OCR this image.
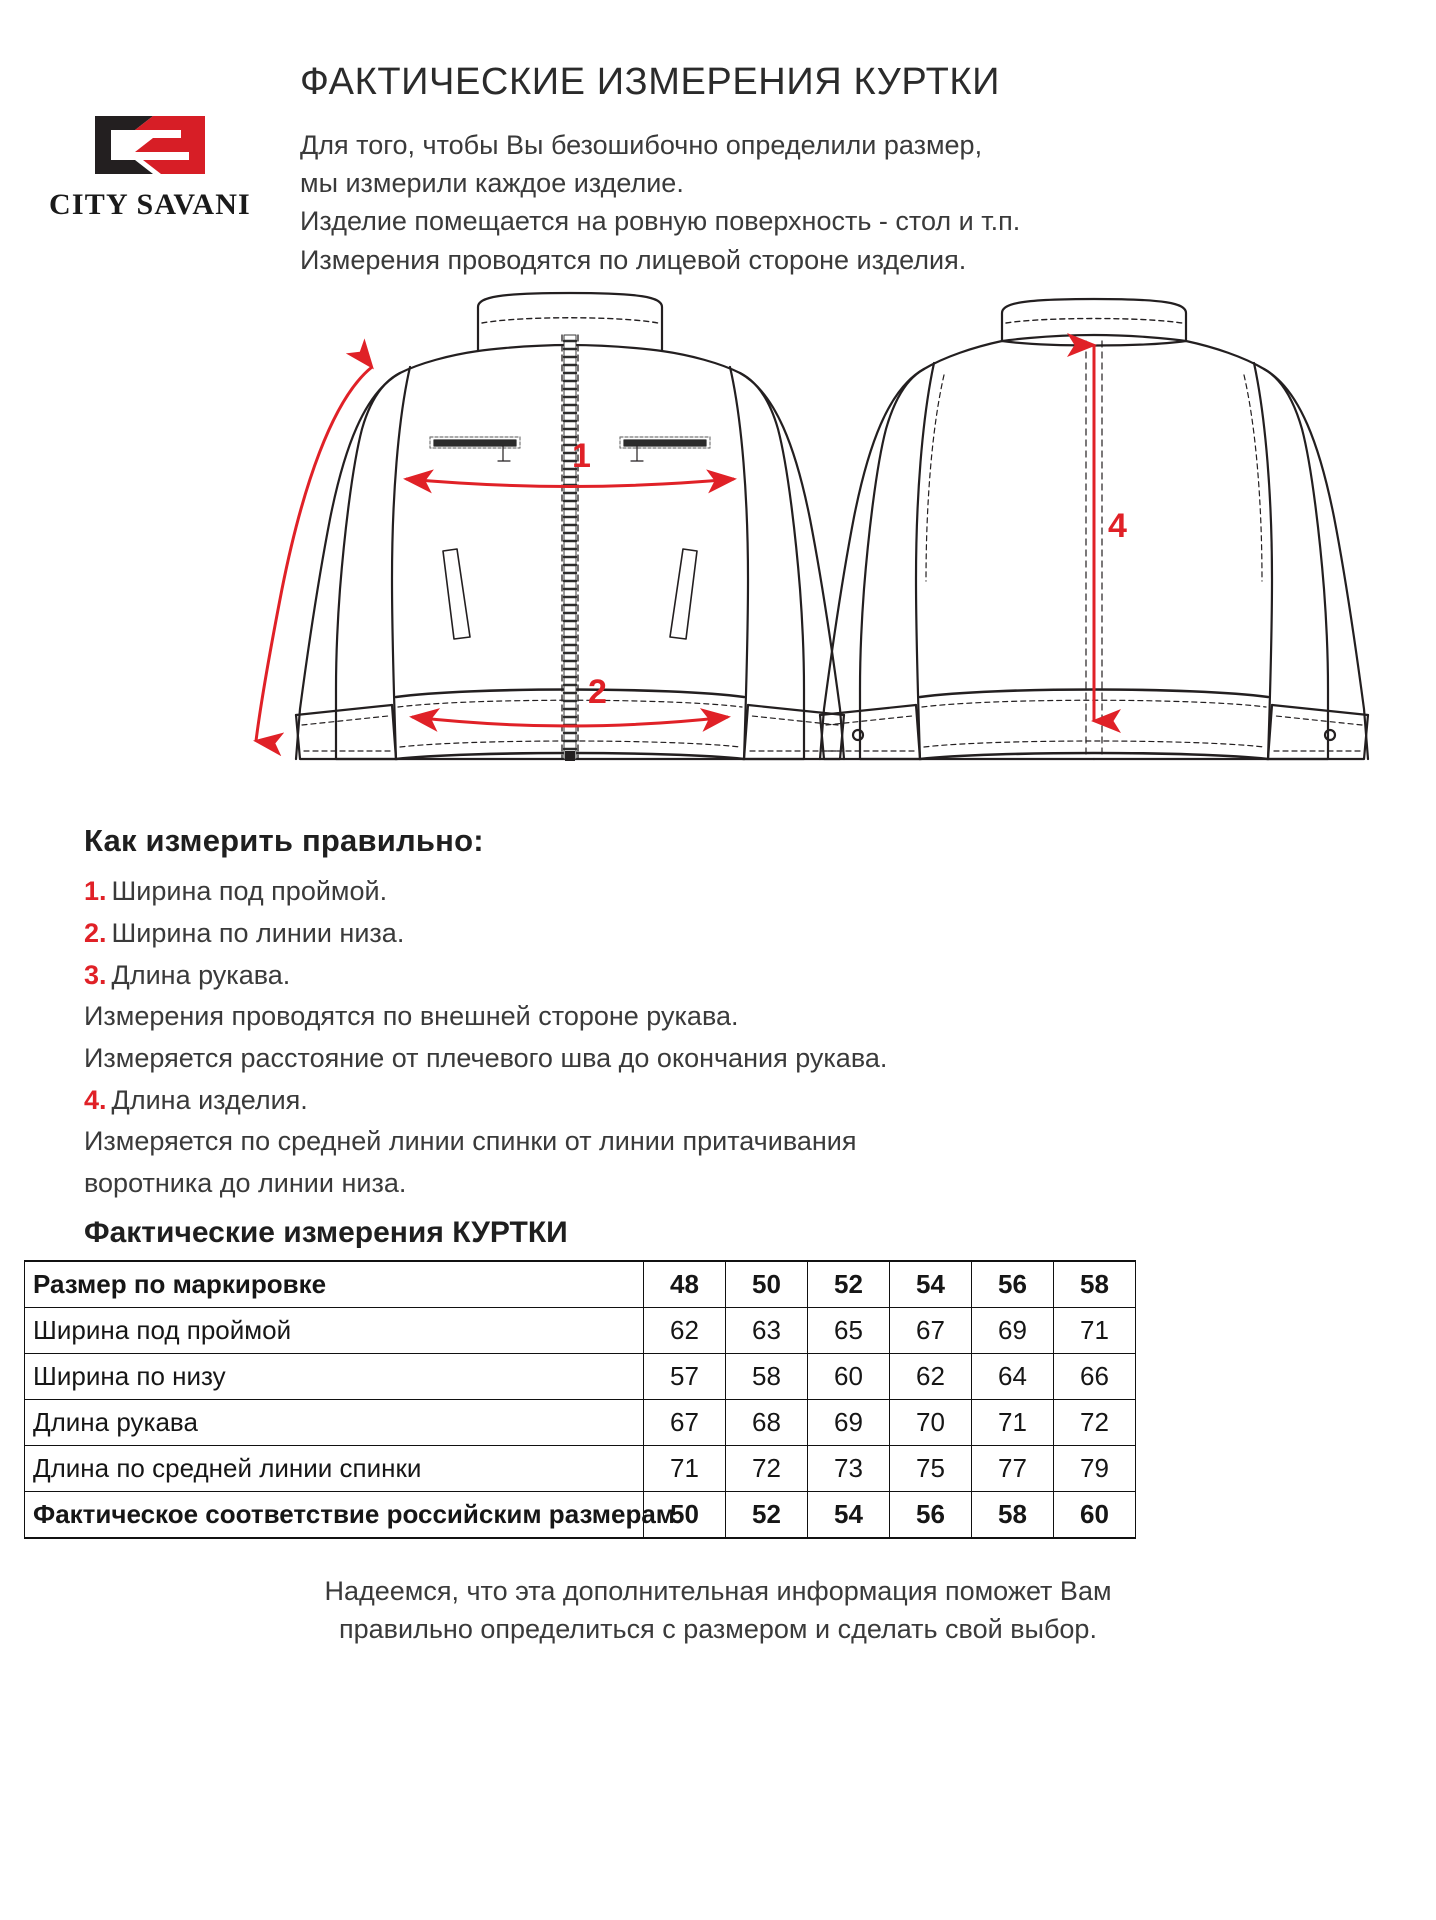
CITY SAVANI
ФАКТИЧЕСКИЕ ИЗМЕРЕНИЯ КУРТКИ

Для того, чтобы Вы безошибочно определили размер,

мы измерили каждое изделие.

Изделие помещается на ровную поверхность - стол и т.п.

Измерения проводятся по лицевой стороне изделия.

1
2
4
Как измерить правильно:

1. Ширина под проймой.

2. Ширина по линии низа.

3. Длина рукава.

Измерения проводятся по внешней стороне рукава.

Измеряется расстояние от плечевого шва до окончания рукава.

4. Длина изделия.

Измеряется по средней линии спинки от линии притачивания

воротника до линии низа.

Фактические измерения КУРТКИ
Размер по маркировке	48	50	52	54	56	58
Ширина под проймой	62	63	65	67	69	71
Ширина по низу	57	58	60	62	64	66
Длина рукава	67	68	69	70	71	72
Длина по средней линии спинки	71	72	73	75	77	79
Фактическое соответствие российским размерам	50	52	54	56	58	60

Надеемся, что эта дополнительная информация поможет Вам

правильно определиться с размером и сделать свой выбор.
